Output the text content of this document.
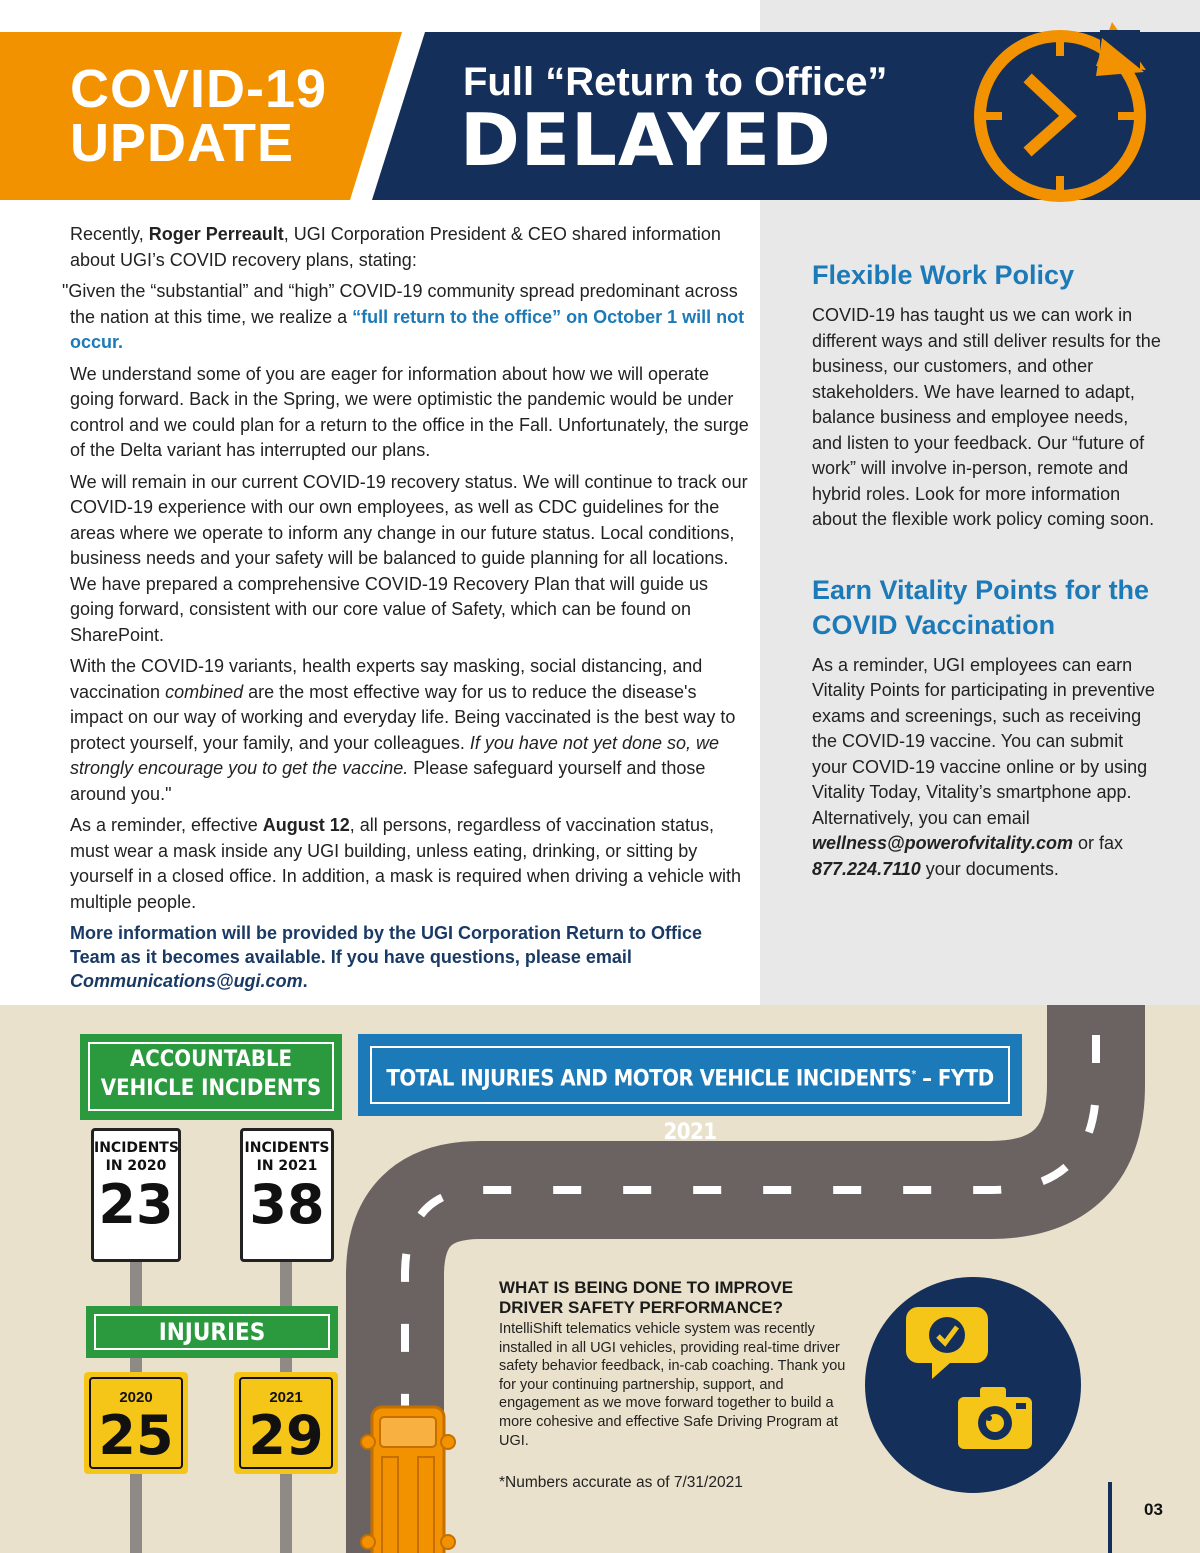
COVID-19
UPDATE
Full “Return to Office”
DELAYED

Recently, Roger Perreault, UGI Corporation President & CEO shared information about UGI’s COVID recovery plans, stating:

"Given the “substantial” and “high” COVID-19 community spread predominant across the nation at this time, we realize a “full return to the office” on October 1 will not occur.

We understand some of you are eager for information about how we will operate going forward. Back in the Spring, we were optimistic the pandemic would be under control and we could plan for a return to the office in the Fall. Unfortunately, the surge of the Delta variant has interrupted our plans.

We will remain in our current COVID-19 recovery status. We will continue to track our COVID-19 experience with our own employees, as well as CDC guidelines for the areas where we operate to inform any change in our future status. Local conditions, business needs and your safety will be balanced to guide planning for all locations. We have prepared a comprehensive COVID-19 Recovery Plan that will guide us going forward, consistent with our core value of Safety, which can be found on SharePoint.

With the COVID-19 variants, health experts say masking, social distancing, and vaccination combined are the most effective way for us to reduce the disease's impact on our way of working and everyday life. Being vaccinated is the best way to protect yourself, your family, and your colleagues. If you have not yet done so, we strongly encourage you to get the vaccine. Please safeguard yourself and those around you."

As a reminder, effective August 12, all persons, regardless of vaccination status, must wear a mask inside any UGI building, unless eating, drinking, or sitting by yourself in a closed office. In addition, a mask is required when driving a vehicle with multiple people.

More information will be provided by the UGI Corporation Return to Office Team as it becomes available. If you have questions, please email Communications@ugi.com.

Flexible Work Policy

COVID-19 has taught us we can work in different ways and still deliver results for the business, our customers, and other stakeholders. We have learned to adapt, balance business and employee needs, and listen to your feedback. Our “future of work” will involve in-person, remote and hybrid roles. Look for more information about the flexible work policy coming soon.

Earn Vitality Points for the COVID Vaccination

As a reminder, UGI employees can earn Vitality Points for participating in preventive exams and screenings, such as receiving the COVID-19 vaccine. You can submit your COVID-19 vaccine online or by using Vitality Today, Vitality’s smartphone app. Alternatively, you can email wellness@powerofvitality.com or fax 877.224.7110 your documents.

ACCOUNTABLE
VEHICLE INCIDENTS
INCIDENTS
IN 2020
23
INCIDENTS
IN 2021
38
INJURIES
2020
25
2021
29
TOTAL INJURIES AND MOTOR VEHICLE INCIDENTS* – FYTD 2021
WHAT IS BEING DONE TO IMPROVE DRIVER SAFETY PERFORMANCE?
IntelliShift telematics vehicle system was recently installed in all UGI vehicles, providing real-time driver safety behavior feedback, in-cab coaching. Thank you for your continuing partnership, support, and engagement as we move forward together to build a more cohesive and effective Safe Driving Program at UGI.
*Numbers accurate as of 7/31/2021
03
